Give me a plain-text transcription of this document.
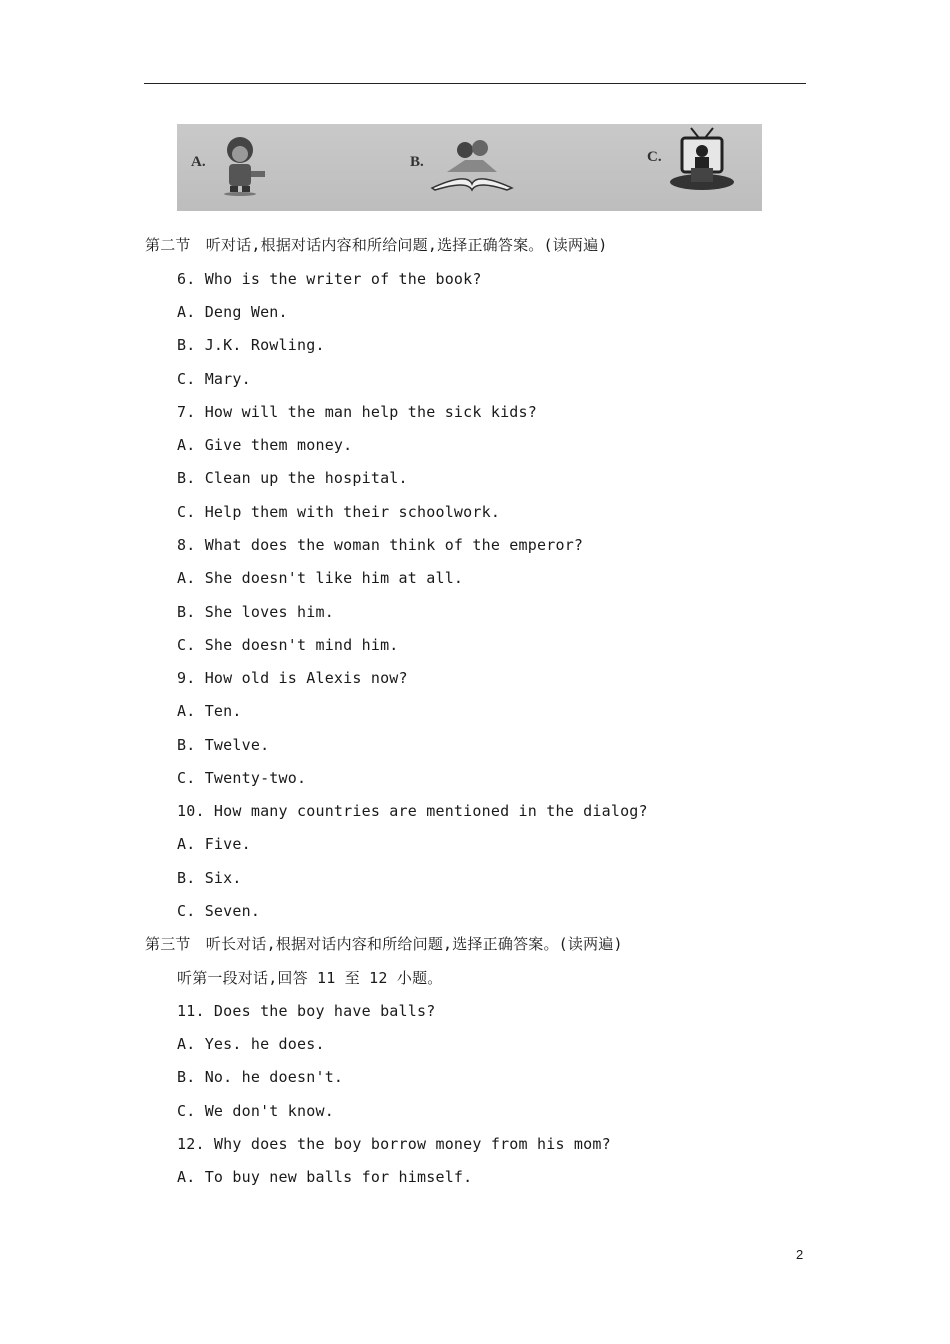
A.	B.	C.
第二节　听对话,根据对话内容和所给问题,选择正确答案。(读两遍)
6. Who is the writer of the book?
A. Deng Wen.
B. J.K. Rowling.
C. Mary.
7. How will the man help the sick kids?
A. Give them money.
B. Clean up the hospital.
C. Help them with their schoolwork.
8. What does the woman think of the emperor?
A. She doesn't like him at all.
B. She loves him.
C. She doesn't mind him.
9. How old is Alexis now?
A. Ten.
B. Twelve.
C. Twenty-two.
10. How many countries are mentioned in the dialog?
A. Five.
B. Six.
C. Seven.
第三节　听长对话,根据对话内容和所给问题,选择正确答案。(读两遍)
听第一段对话,回答 11 至 12 小题。
11. Does the boy have balls?
A. Yes. he does.
B. No. he doesn't.
C. We don't know.
12. Why does the boy borrow money from his mom?
A. To buy new balls for himself.
2
